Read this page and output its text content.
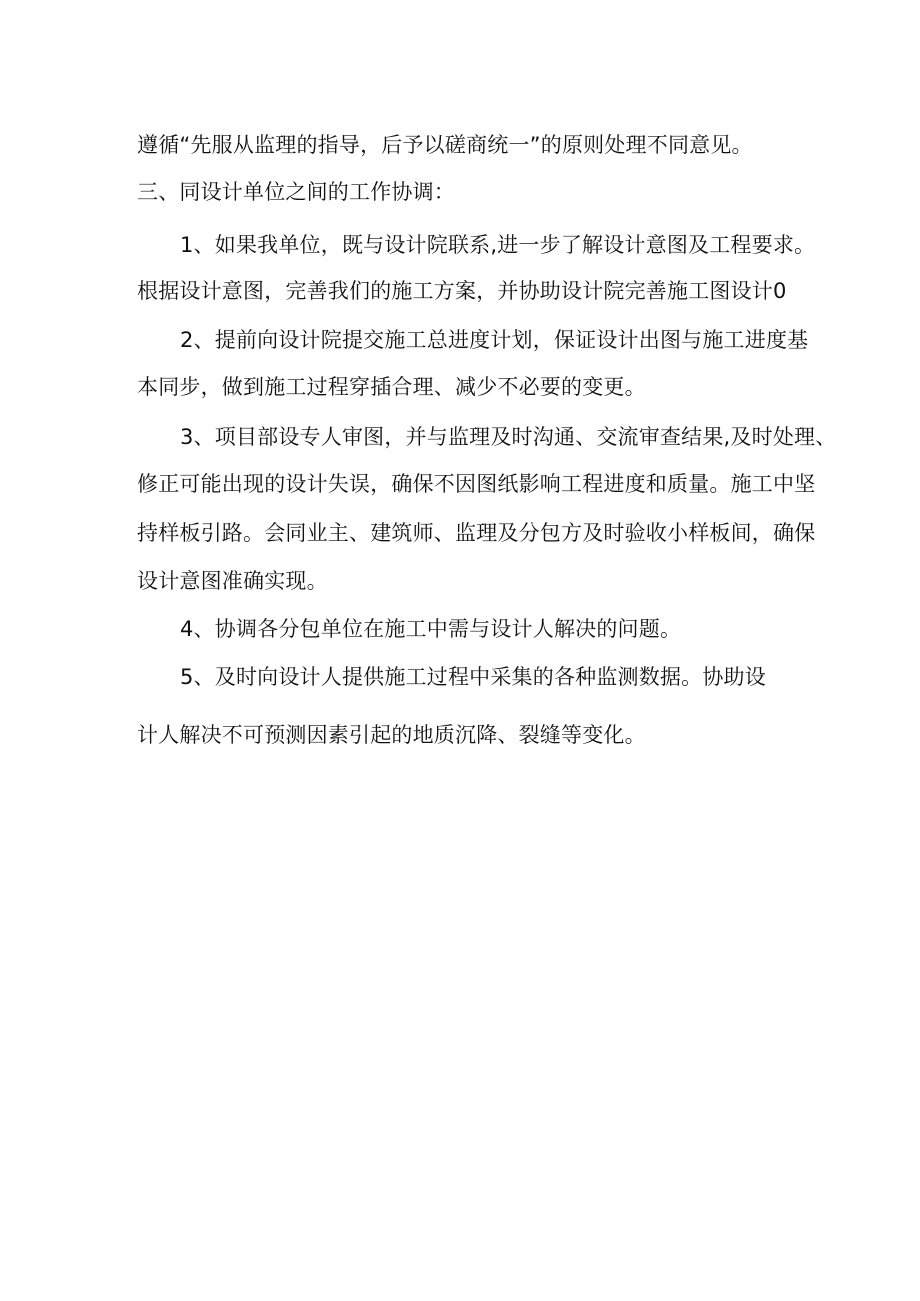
遵循“先服从监理的指导，后予以磋商统一”的原则处理不同意见。
三、同设计单位之间的工作协调：
1、如果我单位，既与设计院联系,进一步了解设计意图及工程要求。
根据设计意图，完善我们的施工方案，并协助设计院完善施工图设计0
2、提前向设计院提交施工总进度计划，保证设计出图与施工进度基
本同步，做到施工过程穿插合理、减少不必要的变更。
3、项目部设专人审图，并与监理及时沟通、交流审查结果,及时处理、
修正可能出现的设计失误，确保不因图纸影响工程进度和质量。施工中坚
持样板引路。会同业主、建筑师、监理及分包方及时验收小样板间，确保
设计意图准确实现。
4、协调各分包单位在施工中需与设计人解决的问题。
5、及时向设计人提供施工过程中采集的各种监测数据。协助设
计人解决不可预测因素引起的地质沉降、裂缝等变化。
